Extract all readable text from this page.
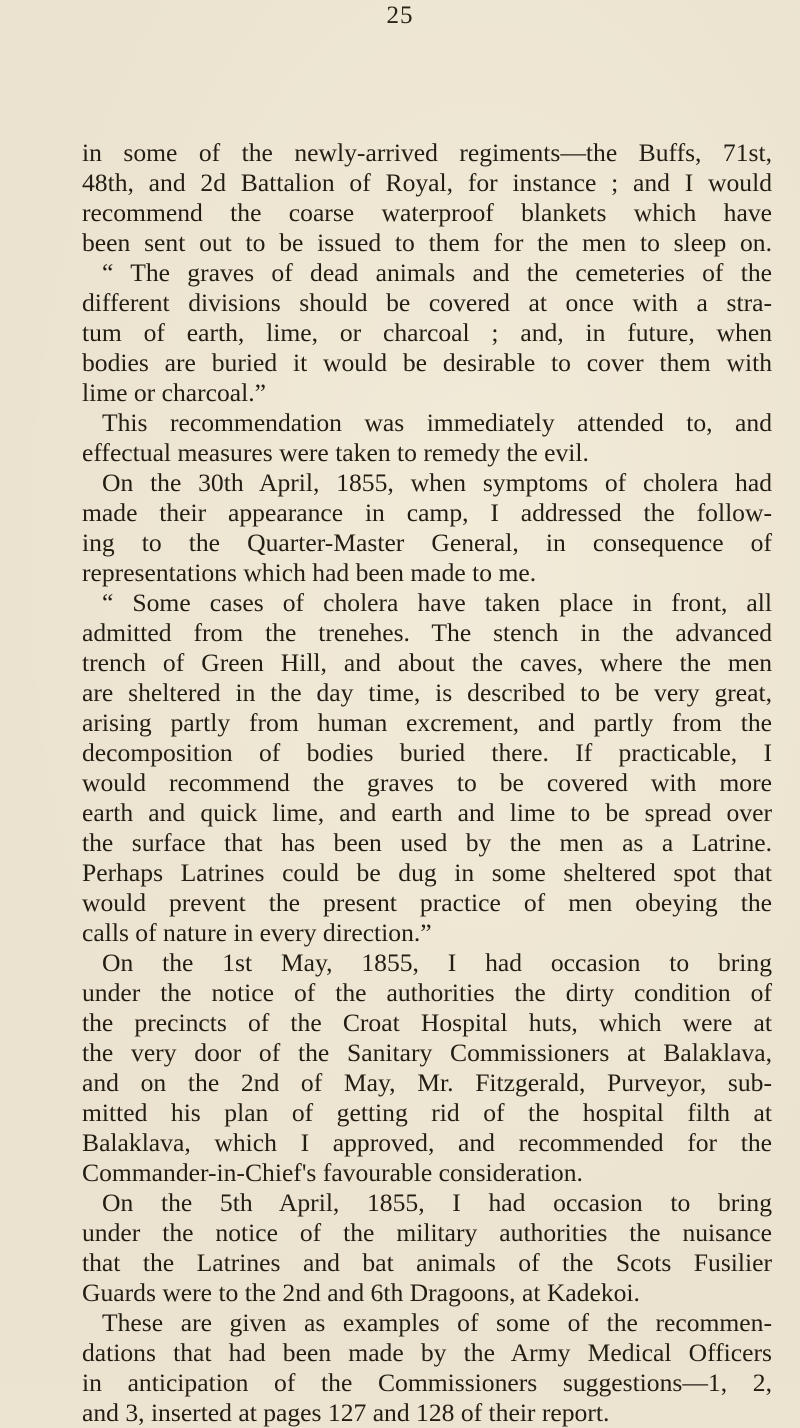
25
in some of the newly-arrived regiments—the Buffs, 71st,
48th, and 2d Battalion of Royal, for instance ; and I would
recommend the coarse waterproof blankets which have
been sent out to be issued to them for the men to sleep on.
“ The graves of dead animals and the cemeteries of the
different divisions should be covered at once with a stra-
tum of earth, lime, or charcoal ; and, in future, when
bodies are buried it would be desirable to cover them with
lime or charcoal.”
This recommendation was immediately attended to, and
effectual measures were taken to remedy the evil.
On the 30th April, 1855, when symptoms of cholera had
made their appearance in camp, I addressed the follow-
ing to the Quarter-Master General, in consequence of
representations which had been made to me.
“ Some cases of cholera have taken place in front, all
admitted from the trenehes. The stench in the advanced
trench of Green Hill, and about the caves, where the men
are sheltered in the day time, is described to be very great,
arising partly from human excrement, and partly from the
decomposition of bodies buried there. If practicable, I
would recommend the graves to be covered with more
earth and quick lime, and earth and lime to be spread over
the surface that has been used by the men as a Latrine.
Perhaps Latrines could be dug in some sheltered spot that
would prevent the present practice of men obeying the
calls of nature in every direction.”
On the 1st May, 1855, I had occasion to bring
under the notice of the authorities the dirty condition of
the precincts of the Croat Hospital huts, which were at
the very door of the Sanitary Commissioners at Balaklava,
and on the 2nd of May, Mr. Fitzgerald, Purveyor, sub-
mitted his plan of getting rid of the hospital filth at
Balaklava, which I approved, and recommended for the
Commander-in-Chief's favourable consideration.
On the 5th April, 1855, I had occasion to bring
under the notice of the military authorities the nuisance
that the Latrines and bat animals of the Scots Fusilier
Guards were to the 2nd and 6th Dragoons, at Kadekoi.
These are given as examples of some of the recommen-
dations that had been made by the Army Medical Officers
in anticipation of the Commissioners suggestions—1, 2,
and 3, inserted at pages 127 and 128 of their report.
